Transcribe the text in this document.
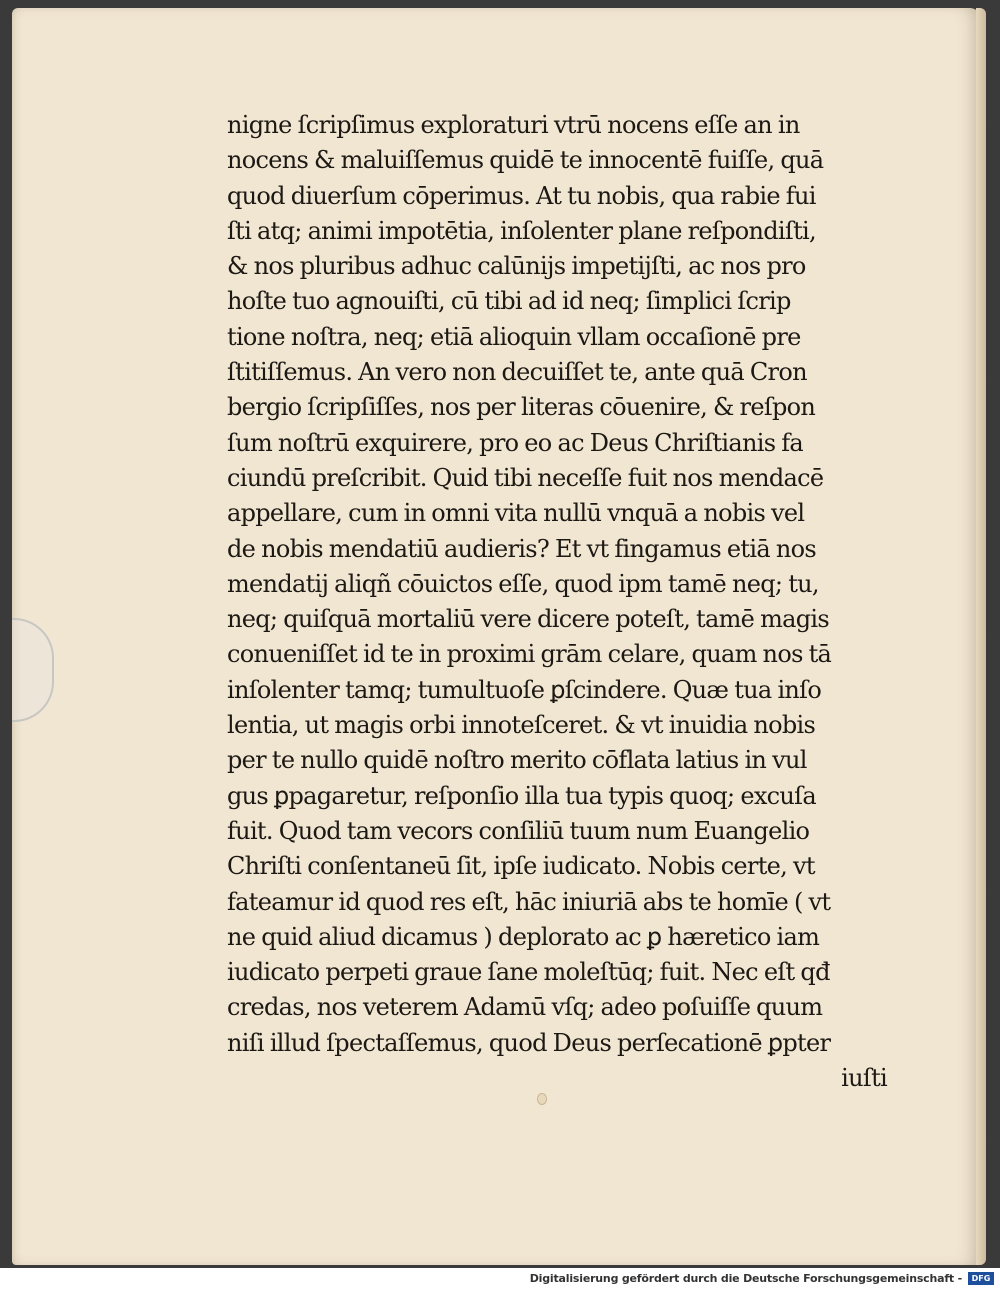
nigne ſcripſimus exploraturi vtrū nocens eſſe an in
nocens & maluiſſemus quidē te innocentē fuiſſe, quā
quod diuerſum cōperimus. At tu nobis, qua rabie fui
ſti atq; animi impotētia, inſolenter plane reſpondiſti,
& nos pluribus adhuc calūnijs impetijſti, ac nos pro
hoſte tuo agnouiſti, cū tibi ad id neq; ſimplici ſcrip
tione noſtra, neq; etiā alioquin vllam occaſionē pre
ſtitiſſemus. An vero non decuiſſet te, ante quā Cron
bergio ſcripſiſſes, nos per literas cōuenire, & reſpon
ſum noſtrū exquirere, pro eo ac Deus Chriſtianis fa
ciundū preſcribit. Quid tibi neceſſe fuit nos mendacē
appellare, cum in omni vita nullū vnquā a nobis vel
de nobis mendatiū audieris? Et vt fingamus etiā nos
mendatij aliqñ cōuictos eſſe, quod ipm tamē neq; tu,
neq; quiſquā mortaliū vere dicere poteſt, tamē magis
conueniſſet id te in proximi grām celare, quam nos tā
inſolenter tamq; tumultuoſe ꝑſcindere. Quæ tua inſo
lentia, ut magis orbi innoteſceret. & vt inuidia nobis
per te nullo quidē noſtro merito cōflata latius in vul
gus ꝑpagaretur, reſponſio illa tua typis quoq; excuſa
fuit. Quod tam vecors conſiliū tuum num Euangelio
Chriſti conſentaneū ſit, ipſe iudicato. Nobis certe, vt
fateamur id quod res eſt, hāc iniuriā abs te homīe ( vt
ne quid aliud dicamus ) deplorato ac ꝑ hæretico iam
iudicato perpeti graue ſane moleſtūq; fuit. Nec eſt qđ
credas, nos veterem Adamū vſq; adeo poſuiſſe quum
niſi illud ſpectaſſemus, quod Deus perſecationē ꝑpter
iuſti
Digitalisierung gefördert durch die Deutsche Forschungsgemeinschaft -	DFG
